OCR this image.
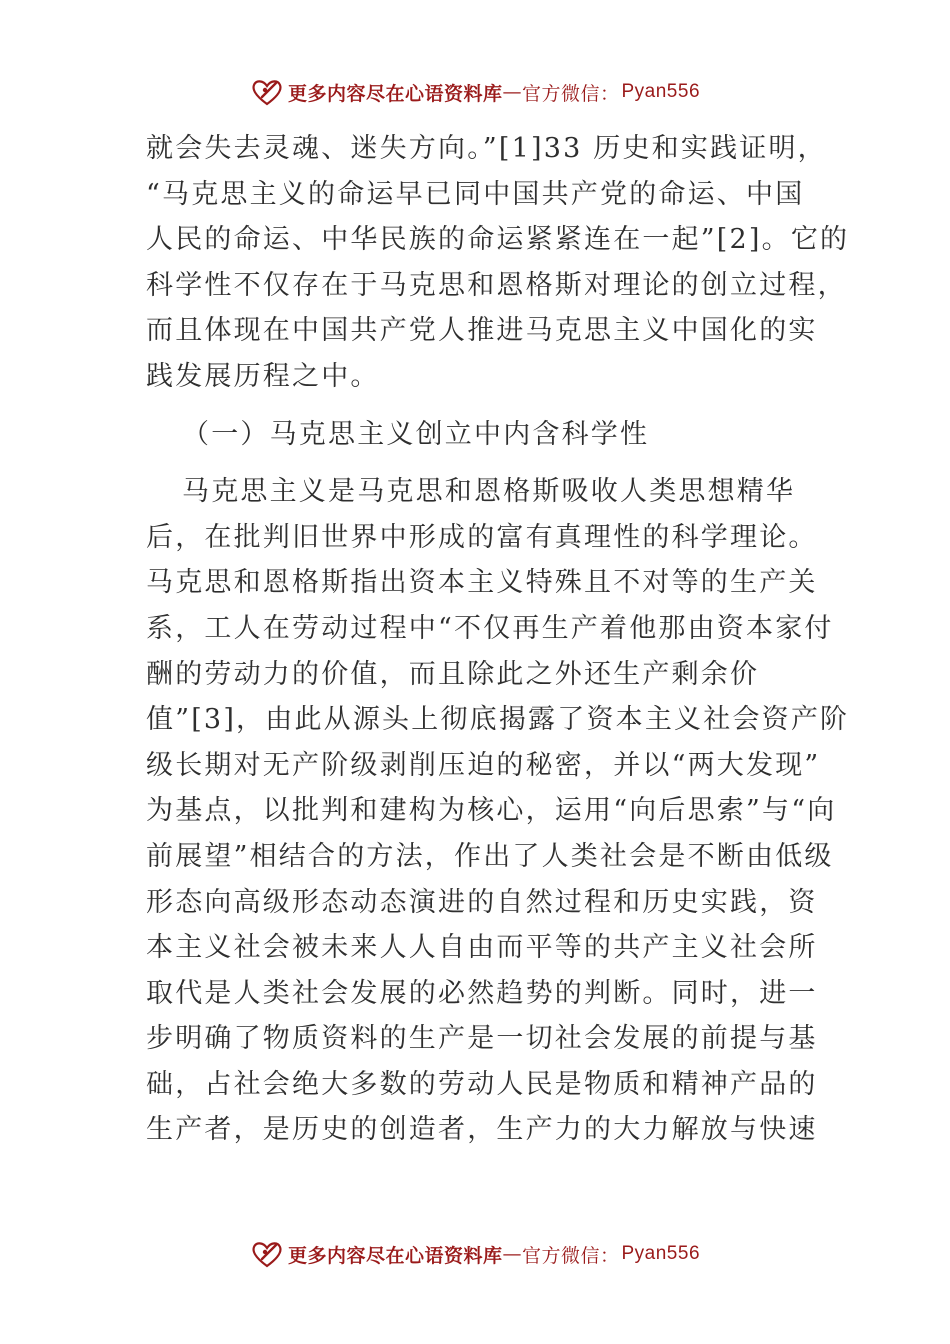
更多内容尽在心语资料库 — 官方微信： Pyan556
就会失去灵魂、迷失方向。”[1]33 历史和实践证明，
“马克思主义的命运早已同中国共产党的命运、中国
人民的命运、中华民族的命运紧紧连在一起”[2]。它的
科学性不仅存在于马克思和恩格斯对理论的创立过程，
而且体现在中国共产党人推进马克思主义中国化的实
践发展历程之中。
（一）马克思主义创立中内含科学性
马克思主义是马克思和恩格斯吸收人类思想精华
后，在批判旧世界中形成的富有真理性的科学理论。
马克思和恩格斯指出资本主义特殊且不对等的生产关
系，工人在劳动过程中“不仅再生产着他那由资本家付
酬的劳动力的价值，而且除此之外还生产剩余价
值”[3]，由此从源头上彻底揭露了资本主义社会资产阶
级长期对无产阶级剥削压迫的秘密，并以“两大发现”
为基点，以批判和建构为核心，运用“向后思索”与“向
前展望”相结合的方法，作出了人类社会是不断由低级
形态向高级形态动态演进的自然过程和历史实践，资
本主义社会被未来人人自由而平等的共产主义社会所
取代是人类社会发展的必然趋势的判断。同时，进一
步明确了物质资料的生产是一切社会发展的前提与基
础，占社会绝大多数的劳动人民是物质和精神产品的
生产者，是历史的创造者，生产力的大力解放与快速
更多内容尽在心语资料库 — 官方微信： Pyan556
